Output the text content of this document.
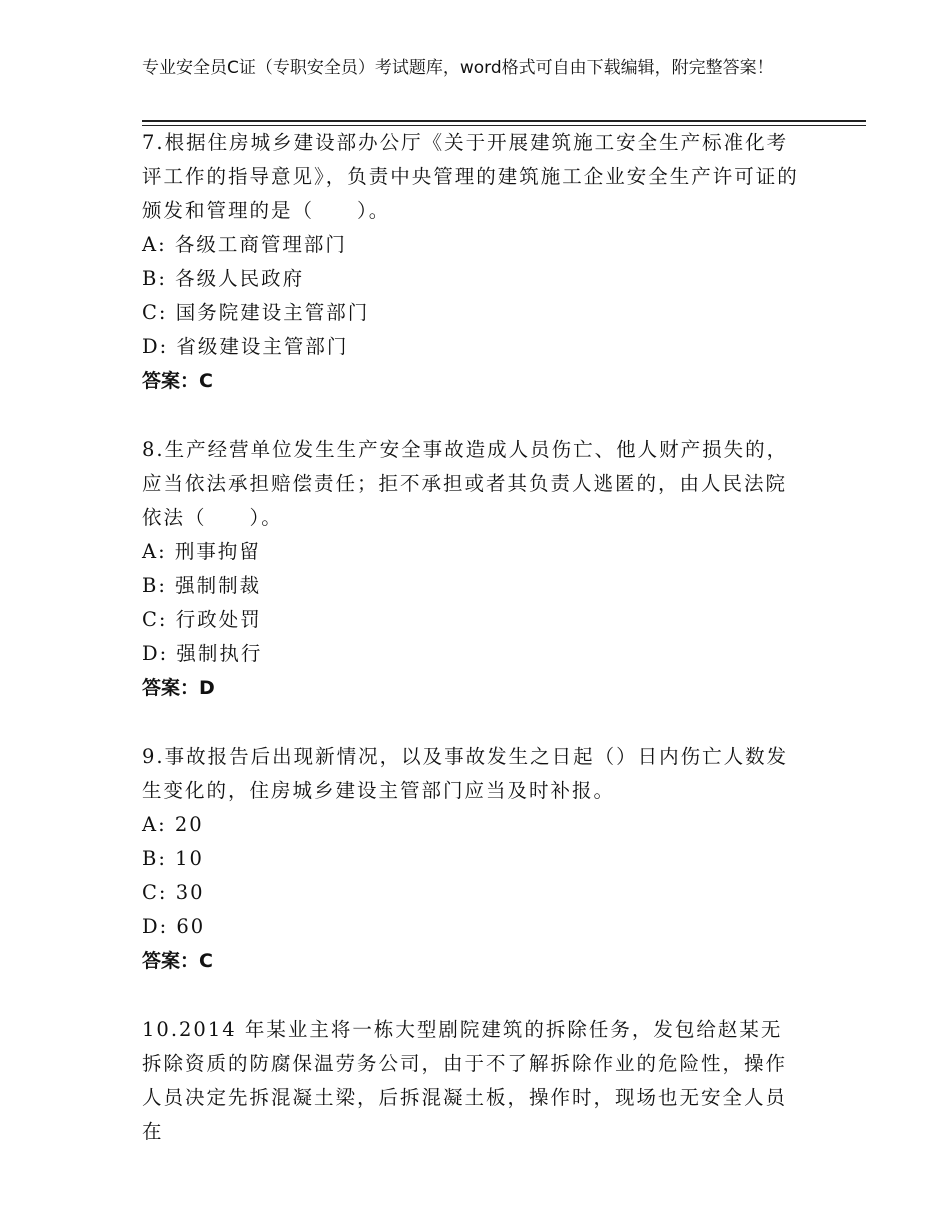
专业安全员C证（专职安全员）考试题库，word格式可自由下载编辑，附完整答案！

7.根据住房城乡建设部办公厅《关于开展建筑施工安全生产标准化考评工作的指导意见》，负责中央管理的建筑施工企业安全生产许可证的颁发和管理的是（　　）。

A: 各级工商管理部门

B: 各级人民政府

C: 国务院建设主管部门

D: 省级建设主管部门

答案：C

8.生产经营单位发生生产安全事故造成人员伤亡、他人财产损失的，应当依法承担赔偿责任；拒不承担或者其负责人逃匿的，由人民法院依法（　　）。

A: 刑事拘留

B: 强制制裁

C: 行政处罚

D: 强制执行

答案：D

9.事故报告后出现新情况，以及事故发生之日起（）日内伤亡人数发生变化的，住房城乡建设主管部门应当及时补报。

A: 20

B: 10

C: 30

D: 60

答案：C

10.2014 年某业主将一栋大型剧院建筑的拆除任务，发包给赵某无拆除资质的防腐保温劳务公司，由于不了解拆除作业的危险性，操作人员决定先拆混凝土梁，后拆混凝土板，操作时，现场也无安全人员在
